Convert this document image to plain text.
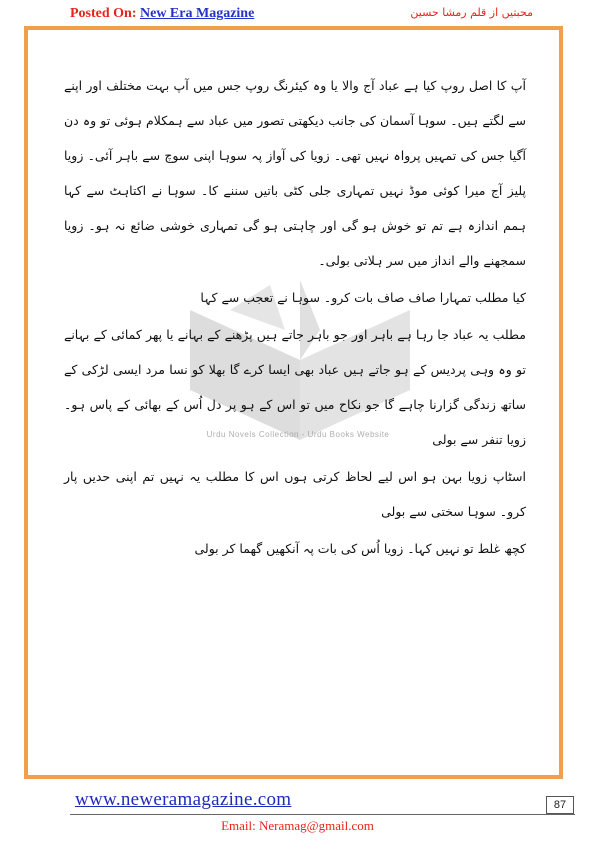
Posted On: New Era Magazine	محبتیں از قلم رمشا حسین
Urdu Novels Collection - Urdu Books Website

آپ کا اصل روپ کیا ہے عباد آج والا یا وہ کیئرنگ روپ جس میں آپ بہت مختلف اور اپنے سے لگتے ہیں۔ سوہا آسمان کی جانب دیکھتی تصور میں عباد سے ہمکلام ہوئی تو وہ دن آگیا جس کی تمہیں پرواہ نہیں تھی۔ زویا کی آواز پہ سوہا اپنی سوچ سے باہر آئی۔ زویا پلیز آج میرا کوئی موڈ نہیں تمہاری جلی کٹی باتیں سننے کا۔ سوہا نے اکتاہٹ سے کہا ہمم اندازہ ہے تم تو خوش ہو گی اور چاہتی ہو گی تمہاری خوشی ضائع نہ ہو۔ زویا سمجھنے والے انداز میں سر ہلاتی بولی۔

کیا مطلب تمہارا صاف صاف بات کرو۔ سوہا نے تعجب سے کہا

مطلب یہ عباد جا رہا ہے باہر اور جو باہر جاتے ہیں پڑھنے کے بہانے یا پھر کمائی کے بہانے تو وہ وہی پردیس کے ہو جاتے ہیں عباد بھی ایسا کرے گا بھلا کو نسا مرد ایسی لڑکی کے ساتھ زندگی گزارنا چاہے گا جو نکاح میں تو اس کے ہو پر دل اُس کے بھائی کے پاس ہو۔ زویا تنفر سے بولی

اسٹاپ زویا بہن ہو اس لیے لحاظ کرتی ہوں اس کا مطلب یہ نہیں تم اپنی حدیں پار کرو۔ سوہا سختی سے بولی

کچھ غلط تو نہیں کہا۔ زویا اُس کی بات پہ آنکھیں گھما کر بولی

www.neweramagazine.com	87
Email: Neramag@gmail.com
